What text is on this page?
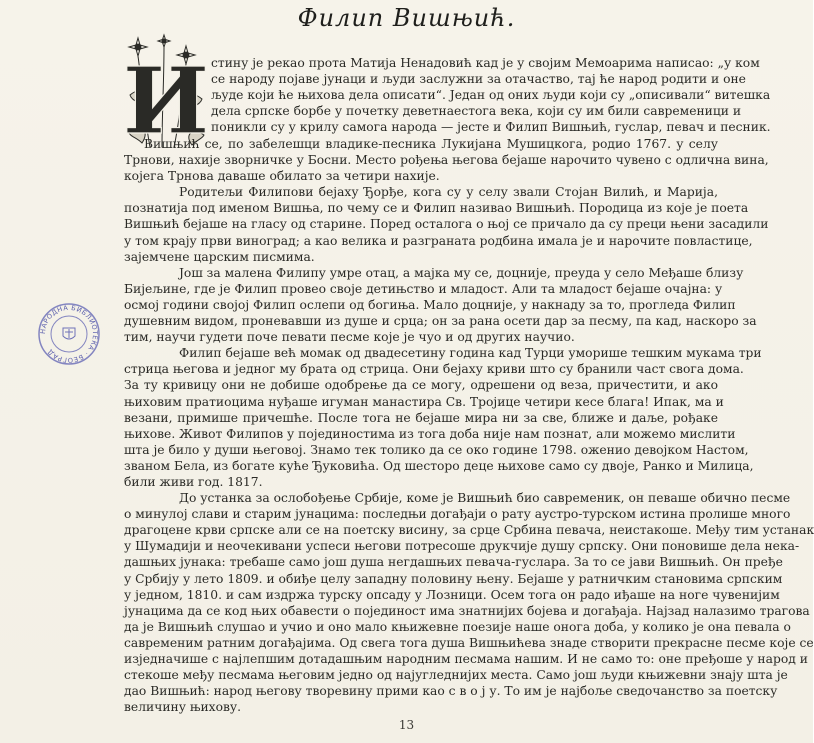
Филип Вишњић.
И стину је рекао прота Матија Ненадовић кад је у својим Мемоарима написао: „у ком
се народу појаве јунаци и људи заслужни за отачаство, тај ће народ родити и оне
људе који ће њихова дела описати“. Један од оних људи који су „описивали“ витешка
дела српске борбе у почетку деветнаестога века, који су им били савременици и
поникли су у крилу самога народа — јесте и Филип Вишњић, гуслар, певач и песник.
Вишњић се, по забелешци владике-песника Лукијана Мушицкога, родио 1767. у селу
Трнови, нахије зворничке у Босни. Место рођења његова бејаше нарочито чувено с одлична вина,
којега Трнова даваше обилато за четири нахије.
Родитељи Филипови бејаху Ђорђе, кога су у селу звали Стојан Вилић, и Марија,
познатија под именом Вишња, по чему се и Филип називао Вишњић. Породица из које је поета
Вишњић бејаше на гласу од старине. Поред осталога о њој се причало да су преци њени засадили
у том крају први виноград; а као велика и разграната родбина имала је и нарочите повластице,
зајемчене царским писмима.
Још за малена Филипу умре отац, а мајка му се, доцније, преуда у село Међаше близу
Бијељине, где је Филип провео своје детињство и младост. Али та младост бејаше очајна: у
осмој години својој Филип ослепи од богиња. Мало доцније, у накнаду за то, прогледа Филип
душевним видом, проневавши из душе и срца; он за рана осети дар за песму, па кад, наскоро за
тим, научи гудети поче певати песме које је чуо и од других научио.
Филип бејаше већ момак од двадесетину година кад Турци уморише тешким мукама три
стрица његова и једног му брата од стрица. Они бејаху криви што су бранили част свога дома.
За ту кривицу они не добише одобрење да се могу, одрешени од веза, причестити, и ако
њиховим пратиоцима нуђаше игуман манастира Св. Тројице четири кесе блага! Ипак, ма и
везани, примише причешће. После тога не бејаше мира ни за све, ближе и даље, рођаке
њихове. Живот Филипов у појединостима из тога доба није нам познат, али можемо мислити
шта је било у души његовој. Знамо тек толико да се око године 1798. оженио девојком Настом,
званом Бела, из богате куће Ђуковића. Од шесторо деце њихове само су двоје, Ранко и Милица,
били живи год. 1817.
До устанка за ослобођење Србије, коме је Вишњић био савременик, он певаше обично песме
о минулој слави и старим јунацима: последњи догађаји о рату аустро-турском истина пролише много
драгоцене крви српске али се на поетску висину, за срце Србина певача, неистакоше. Међу тим устанак
у Шумадији и неочекивани успеси његови потресоше друкчије душу српску. Они поновише дела нека-
дашњих јунака: требаше само још душа негдашњих певача-гуслара. За то се јави Вишњић. Он пређе
у Србију у лето 1809. и обиђе целу западну половину њену. Бејаше у ратничким становима српским
у једном, 1810. и сам издржа турску опсаду у Лозници. Осем тога он радо иђаше на ноге чувенијим
јунацима да се код њих обавести о појединост има знатнијих бојева и догађаја. Најзад налазимо трагова
да је Вишњић слушао и учио и оно мало књижевне поезије наше онога доба, у колико је она певала о
савременим ратним догађајима. Од свега тога душа Вишњићева знаде створити прекрасне песме које се
изједначише с најлепшим дотадашњим народним песмама нашим. И не само то: оне пређоше у народ и
стекоше међу песмама његовим једно од најугледнијих места. Само још људи књижевни знају шта је
дао Вишњић: народ његову творевину прими као с в о ј у. То им је најбоље сведочанство за поетску
величину њихову.
НАРОДНА БИБЛИОТЕКА · БЕОГРАД
13
